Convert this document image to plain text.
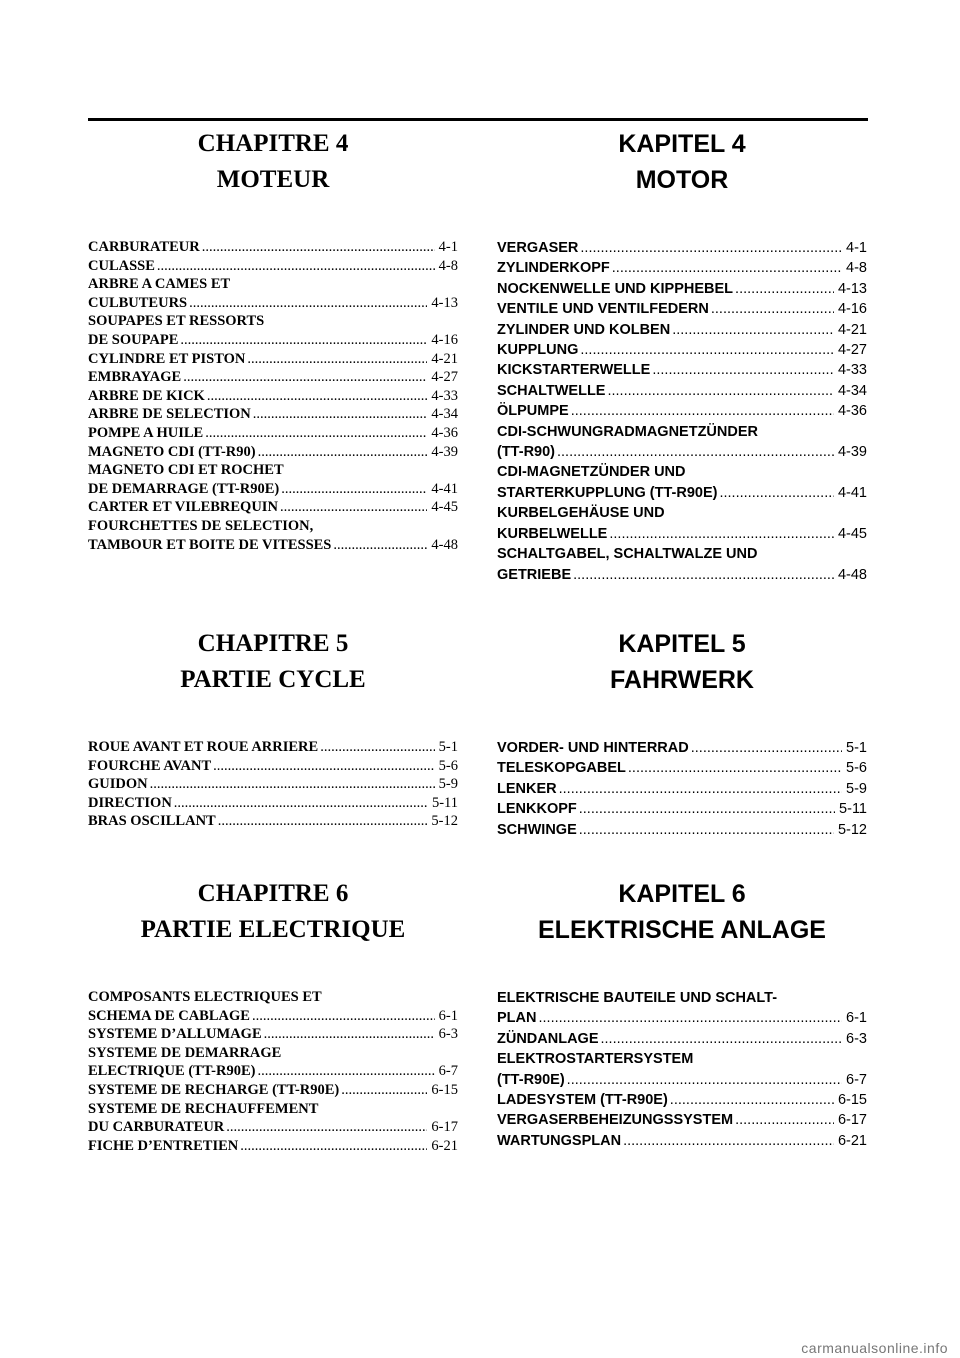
CHAPITRE 4
MOTEUR
CARBURATEUR .....	4-1
CULASSE .....	4-8
ARBRE A CAMES ET
CULBUTEURS .....	4-13
SOUPAPES ET RESSORTS
DE SOUPAPE .....	4-16
CYLINDRE ET PISTON .....	4-21
EMBRAYAGE .....	4-27
ARBRE DE KICK .....	4-33
ARBRE DE SELECTION .....	4-34
POMPE A HUILE .....	4-36
MAGNETO CDI (TT-R90) .....	4-39
MAGNETO CDI ET ROCHET
DE DEMARRAGE (TT-R90E) .....	4-41
CARTER ET VILEBREQUIN .....	4-45
FOURCHETTES DE SELECTION,
TAMBOUR ET BOITE DE VITESSES .....	4-48
CHAPITRE 5
PARTIE CYCLE
ROUE AVANT ET ROUE ARRIERE .....	5-1
FOURCHE AVANT .....	5-6
GUIDON .....	5-9
DIRECTION .....	5-11
BRAS OSCILLANT .....	5-12
CHAPITRE 6
PARTIE ELECTRIQUE
COMPOSANTS ELECTRIQUES ET
SCHEMA DE CABLAGE .....	6-1
SYSTEME D’ALLUMAGE .....	6-3
SYSTEME DE DEMARRAGE
ELECTRIQUE (TT-R90E) .....	6-7
SYSTEME DE RECHARGE (TT-R90E) .....	6-15
SYSTEME DE RECHAUFFEMENT
DU CARBURATEUR .....	6-17
FICHE D’ENTRETIEN .....	6-21
KAPITEL 4
MOTOR
VERGASER .....	4-1
ZYLINDERKOPF .....	4-8
NOCKENWELLE UND KIPPHEBEL .....	4-13
VENTILE UND VENTILFEDERN .....	4-16
ZYLINDER UND KOLBEN .....	4-21
KUPPLUNG .....	4-27
KICKSTARTERWELLE .....	4-33
SCHALTWELLE .....	4-34
ÖLPUMPE .....	4-36
CDI-SCHWUNGRADMAGNETZÜNDER
(TT-R90) .....	4-39
CDI-MAGNETZÜNDER UND
STARTERKUPPLUNG (TT-R90E) .....	4-41
KURBELGEHÄUSE UND
KURBELWELLE .....	4-45
SCHALTGABEL, SCHALTWALZE UND
GETRIEBE .....	4-48
KAPITEL 5
FAHRWERK
VORDER- UND HINTERRAD .....	5-1
TELESKOPGABEL .....	5-6
LENKER .....	5-9
LENKKOPF .....	5-11
SCHWINGE .....	5-12
KAPITEL 6
ELEKTRISCHE ANLAGE
ELEKTRISCHE BAUTEILE UND SCHALT-
PLAN .....	6-1
ZÜNDANLAGE .....	6-3
ELEKTROSTARTERSYSTEM
(TT-R90E) .....	6-7
LADESYSTEM (TT-R90E) .....	6-15
VERGASERBEHEIZUNGSSYSTEM .....	6-17
WARTUNGSPLAN .....	6-21
carmanualsonline.info
